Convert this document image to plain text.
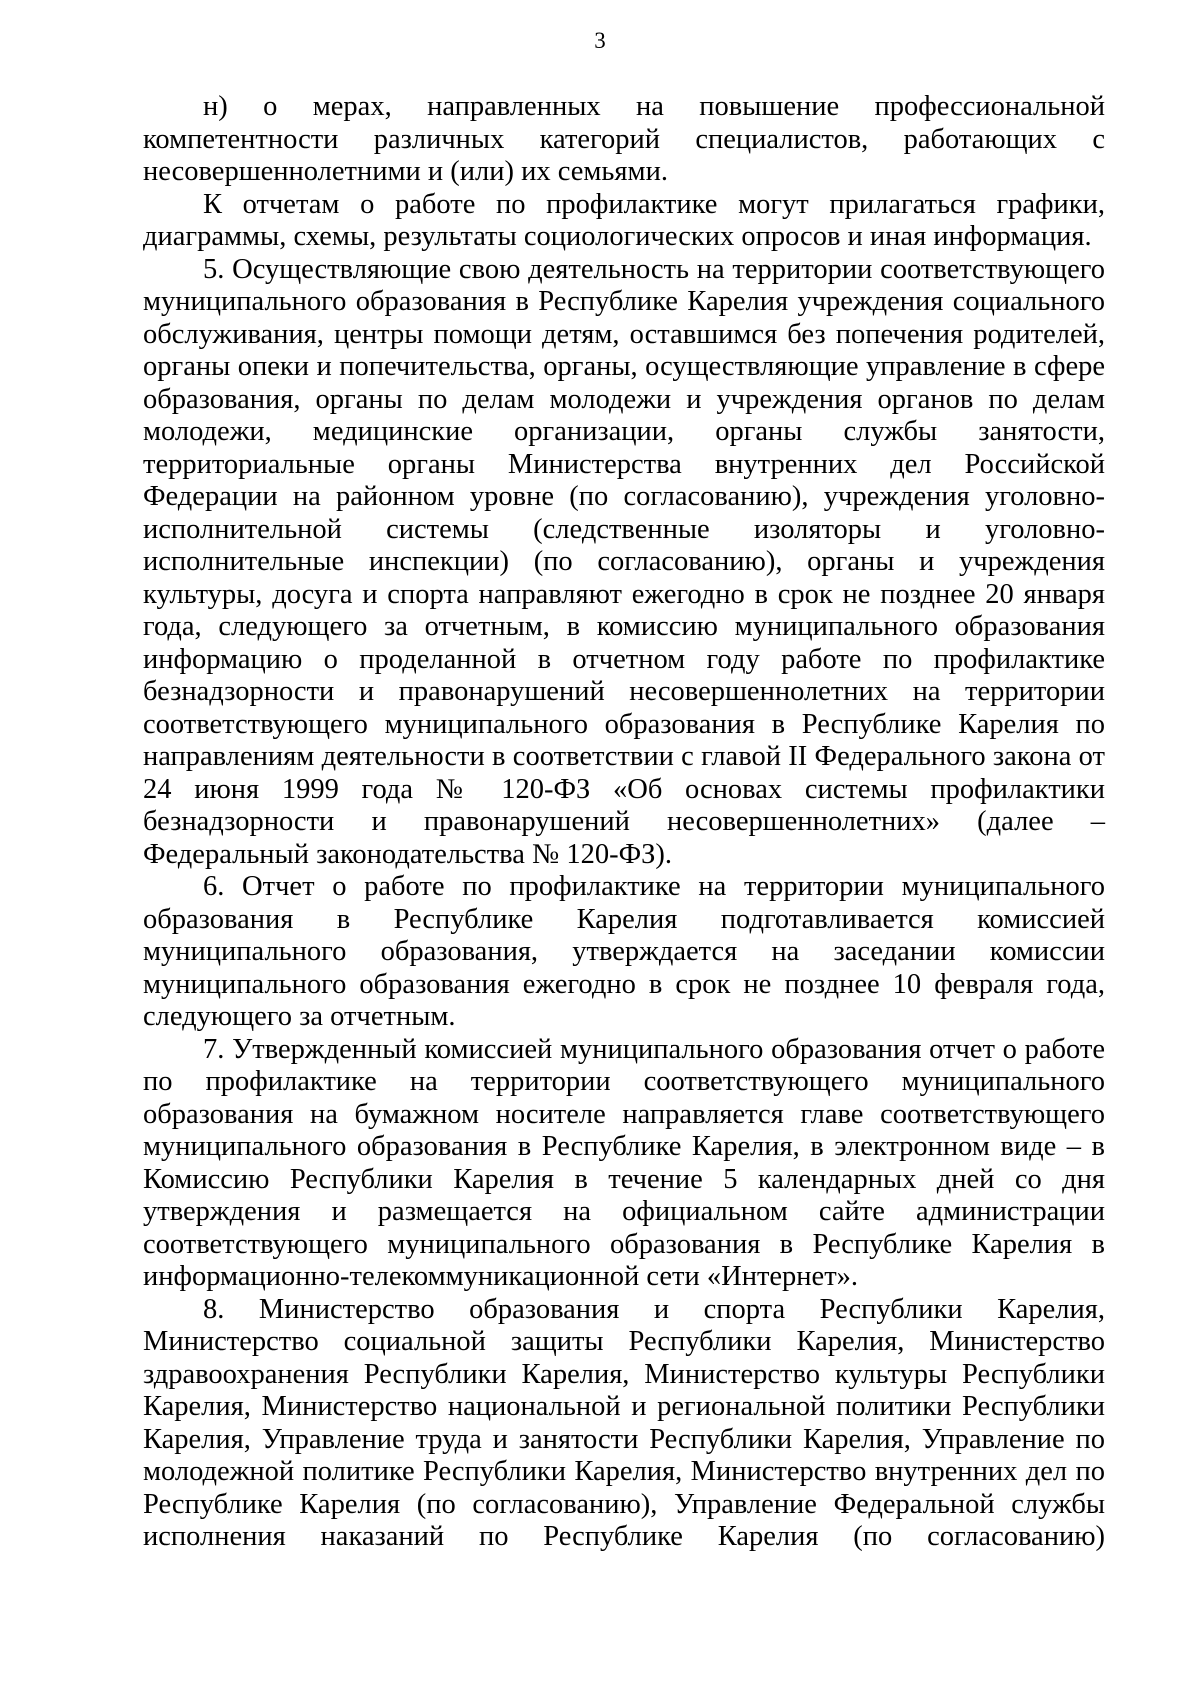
3

н) о мерах, направленных на повышение профессиональной компетентности различных категорий специалистов, работающих с несовершеннолетними и (или) их семьями.

К отчетам о работе по профилактике могут прилагаться графики, диаграммы, схемы, результаты социологических опросов и иная информация.

5. Осуществляющие свою деятельность на территории соответствующего муниципального образования в Республике Карелия учреждения социального обслуживания, центры помощи детям, оставшимся без попечения родителей, органы опеки и попечительства, органы, осуществляющие управление в сфере образования, органы по делам молодежи и учреждения органов по делам молодежи, медицинские организации, органы службы занятости, территориальные органы Министерства внутренних дел Российской Федерации на районном уровне (по согласованию), учреждения уголовно-исполнительной системы (следственные изоляторы и уголовно-исполнительные инспекции) (по согласованию), органы и учреждения культуры, досуга и спорта направляют ежегодно в срок не позднее 20 января года, следующего за отчетным, в комиссию муниципального образования информацию о проделанной в отчетном году работе по профилактике безнадзорности и правонарушений несовершеннолетних на территории соответствующего муниципального образования в Республике Карелия по направлениям деятельности в соответствии с главой II Федерального закона от 24 июня 1999 года № 120-ФЗ «Об основах системы профилактики безнадзорности и правонарушений несовершеннолетних» (далее – Федеральный законодательства № 120-ФЗ).

6. Отчет о работе по профилактике на территории муниципального образования в Республике Карелия подготавливается комиссией муниципального образования, утверждается на заседании комиссии муниципального образования ежегодно в срок не позднее 10 февраля года, следующего за отчетным.

7. Утвержденный комиссией муниципального образования отчет о работе по профилактике на территории соответствующего муниципального образования на бумажном носителе направляется главе соответствующего муниципального образования в Республике Карелия, в электронном виде – в Комиссию Республики Карелия в течение 5 календарных дней со дня утверждения и размещается на официальном сайте администрации соответствующего муниципального образования в Республике Карелия в информационно-телекоммуникационной сети «Интернет».

8. Министерство образования и спорта Республики Карелия, Министерство социальной защиты Республики Карелия, Министерство здравоохранения Республики Карелия, Министерство культуры Республики Карелия, Министерство национальной и региональной политики Республики Карелия, Управление труда и занятости Республики Карелия, Управление по молодежной политике Республики Карелия, Министерство внутренних дел по Республике Карелия (по согласованию), Управление Федеральной службы исполнения наказаний по Республике Карелия (по согласованию)
